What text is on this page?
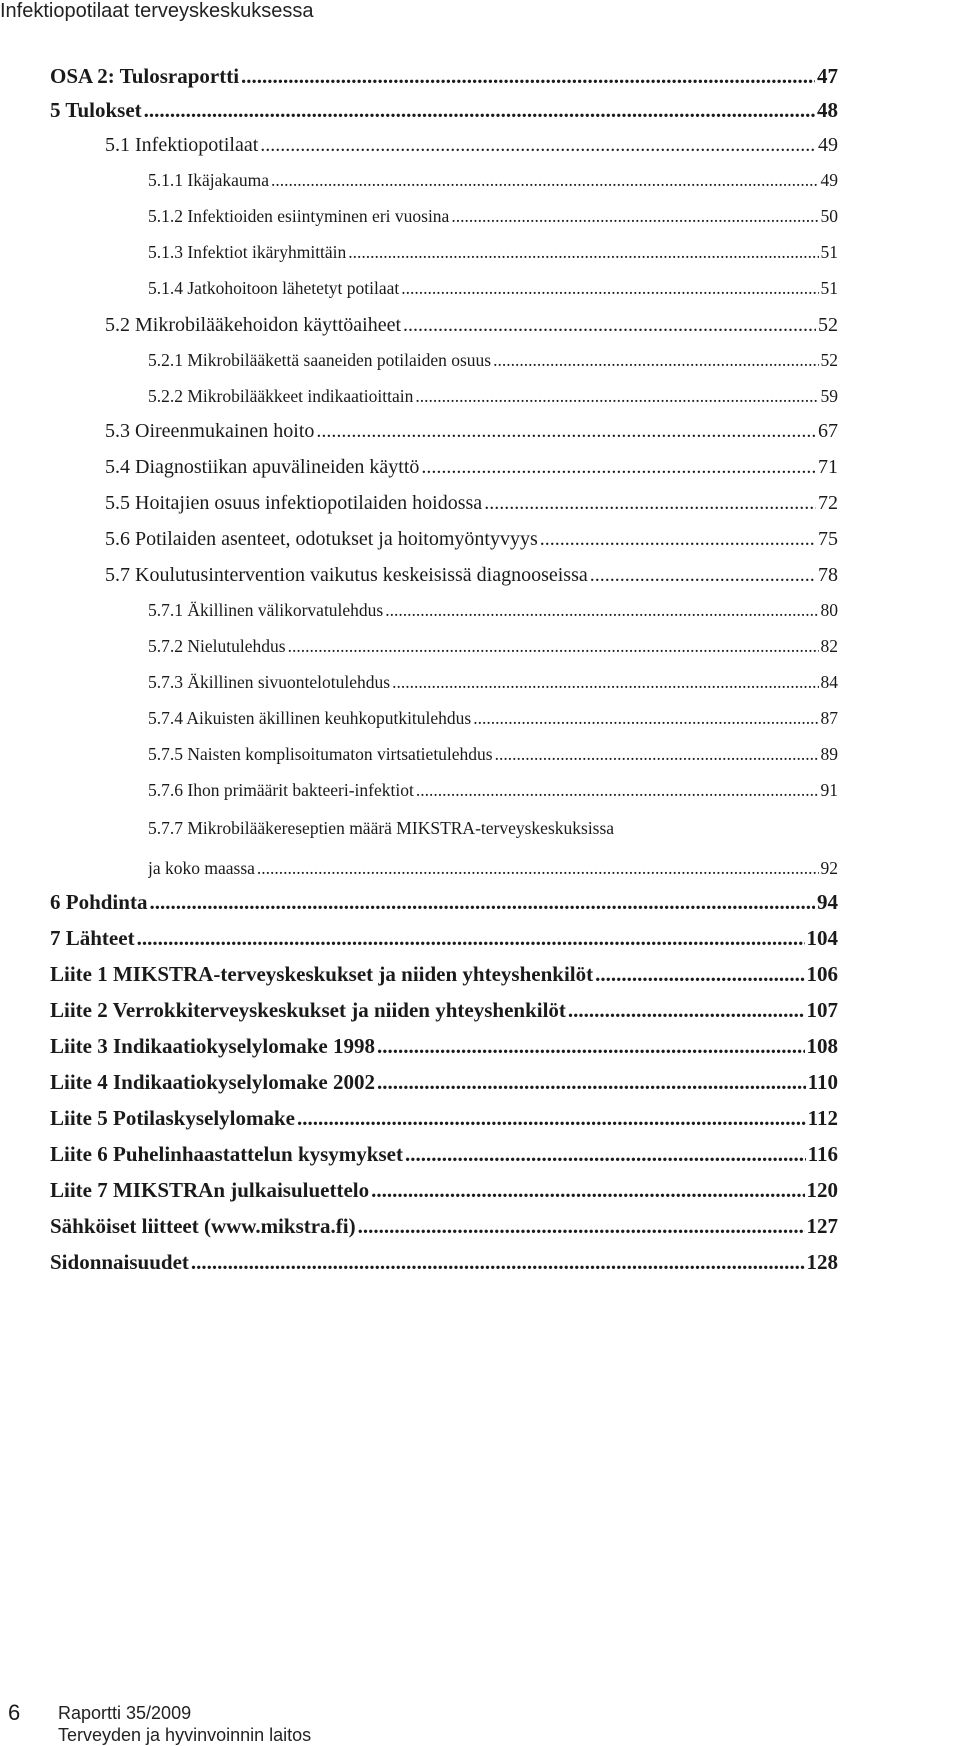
Infektiopotilaat terveyskeskuksessa
OSA 2: Tulosraportti .....	47
5 Tulokset .....	48
5.1 Infektiopotilaat .....	49
5.1.1 Ikäjakauma .....	49
5.1.2 Infektioiden esiintyminen eri vuosina .....	50
5.1.3 Infektiot ikäryhmittäin .....	51
5.1.4 Jatkohoitoon lähetetyt potilaat .....	51
5.2 Mikrobilääkehoidon käyttöaiheet .....	52
5.2.1 Mikrobilääkettä saaneiden potilaiden osuus .....	52
5.2.2 Mikrobilääkkeet indikaatioittain .....	59
5.3 Oireenmukainen hoito .....	67
5.4 Diagnostiikan apuvälineiden käyttö .....	71
5.5 Hoitajien osuus infektiopotilaiden hoidossa .....	72
5.6 Potilaiden asenteet, odotukset ja hoitomyöntyvyys .....	75
5.7 Koulutusintervention vaikutus keskeisissä diagnooseissa .....	78
5.7.1 Äkillinen välikorvatulehdus .....	80
5.7.2 Nielutulehdus .....	82
5.7.3 Äkillinen sivuontelotulehdus .....	84
5.7.4 Aikuisten äkillinen keuhkoputkitulehdus .....	87
5.7.5 Naisten komplisoitumaton virtsatietulehdus .....	89
5.7.6 Ihon primäärit bakteeri-infektiot .....	91
5.7.7 Mikrobilääkereseptien määrä MIKSTRA-terveyskeskuksissa
ja koko maassa .....	92
6 Pohdinta .....	94
7 Lähteet .....	104
Liite 1 MIKSTRA-terveyskeskukset ja niiden yhteyshenkilöt .....	106
Liite 2 Verrokkiterveyskeskukset ja niiden yhteyshenkilöt .....	107
Liite 3 Indikaatiokyselylomake 1998 .....	108
Liite 4 Indikaatiokyselylomake 2002 .....	110
Liite 5 Potilaskyselylomake .....	112
Liite 6 Puhelinhaastattelun kysymykset .....	116
Liite 7 MIKSTRAn julkaisuluettelo .....	120
Sähköiset liitteet (www.mikstra.fi) .....	127
Sidonnaisuudet .....	128
6 Raportti 35/2009
Terveyden ja hyvinvoinnin laitos
